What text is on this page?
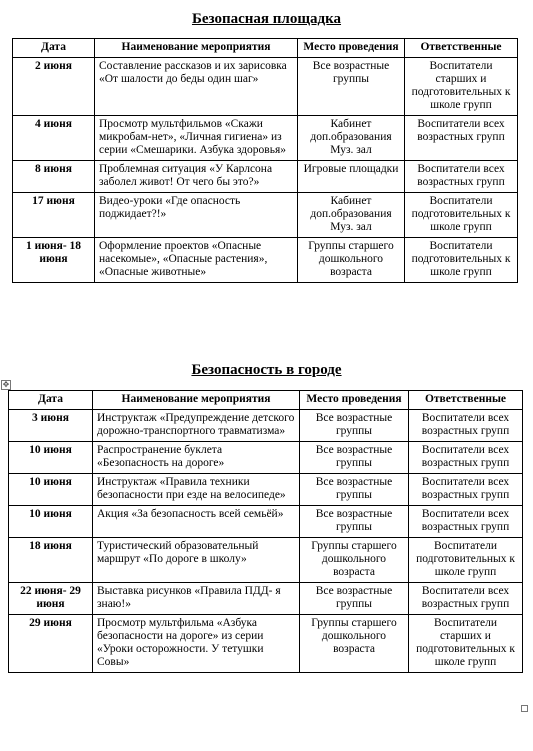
Безопасная площадка
Дата	Наименование мероприятия	Место проведения	Ответственные
2 июня	Составление рассказов и их зарисовка «От шалости до беды один шаг»	Все возрастные группы	Воспитатели старших и подготовительных к школе групп
4 июня	Просмотр мультфильмов «Скажи микробам-нет», «Личная гигиена» из серии «Смешарики. Азбука здоровья»	Кабинет доп.образования Муз. зал	Воспитатели всех возрастных групп
8 июня	Проблемная ситуация «У Карлсона заболел живот! От чего бы это?»	Игровые площадки	Воспитатели всех возрастных групп
17 июня	Видео-уроки «Где опасность поджидает?!»	Кабинет доп.образования Муз. зал	Воспитатели подготовительных к школе групп
1 июня- 18 июня	Оформление проектов «Опасные насекомые», «Опасные растения», «Опасные животные»	Группы старшего дошкольного возраста	Воспитатели подготовительных к школе групп
Безопасность в городе
✥
Дата	Наименование мероприятия	Место проведения	Ответственные
3 июня	Инструктаж «Предупреждение детского дорожно-транспортного травматизма»	Все возрастные группы	Воспитатели всех возрастных групп
10 июня	Распространение буклета «Безопасность на дороге»	Все возрастные группы	Воспитатели всех возрастных групп
10 июня	Инструктаж «Правила техники безопасности при езде на велосипеде»	Все возрастные группы	Воспитатели всех возрастных групп
10 июня	Акция «За безопасность всей семьёй»	Все возрастные группы	Воспитатели всех возрастных групп
18 июня	Туристический образовательный маршрут «По дороге в школу»	Группы старшего дошкольного возраста	Воспитатели подготовительных к школе групп
22 июня- 29 июня	Выставка рисунков «Правила ПДД- я знаю!»	Все возрастные группы	Воспитатели всех возрастных групп
29 июня	Просмотр мультфильма «Азбука безопасности на дороге» из серии «Уроки осторожности. У тетушки Совы»	Группы старшего дошкольного возраста	Воспитатели старших и подготовительных к школе групп
